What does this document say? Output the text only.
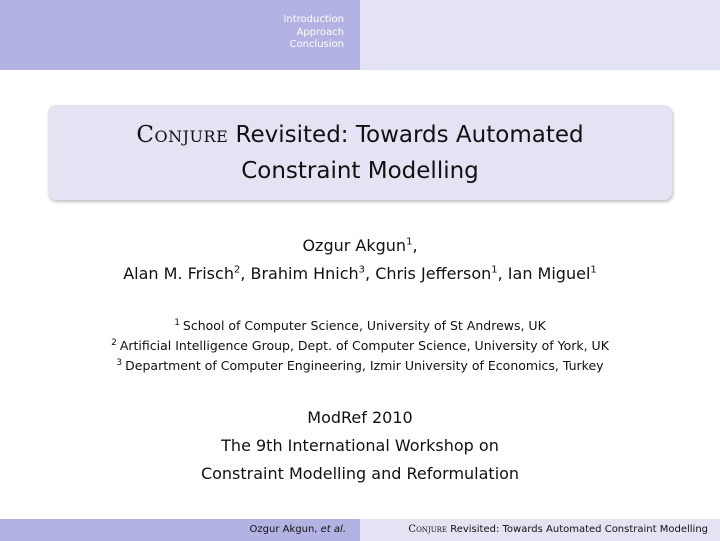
Introduction
Approach
Conclusion
Conjure Revisited: Towards Automated
Constraint Modelling
Ozgur Akgun$^1$,
Alan M. Frisch$^2$, Brahim Hnich$^3$, Chris Jefferson$^1$, Ian Miguel$^1$
$^1$ School of Computer Science, University of St Andrews, UK
$^2$ Artificial Intelligence Group, Dept. of Computer Science, University of York, UK
$^3$ Department of Computer Engineering, Izmir University of Economics, Turkey
ModRef 2010
The 9th International Workshop on
Constraint Modelling and Reformulation
Ozgur Akgun, et al.	Conjure Revisited: Towards Automated Constraint Modelling
